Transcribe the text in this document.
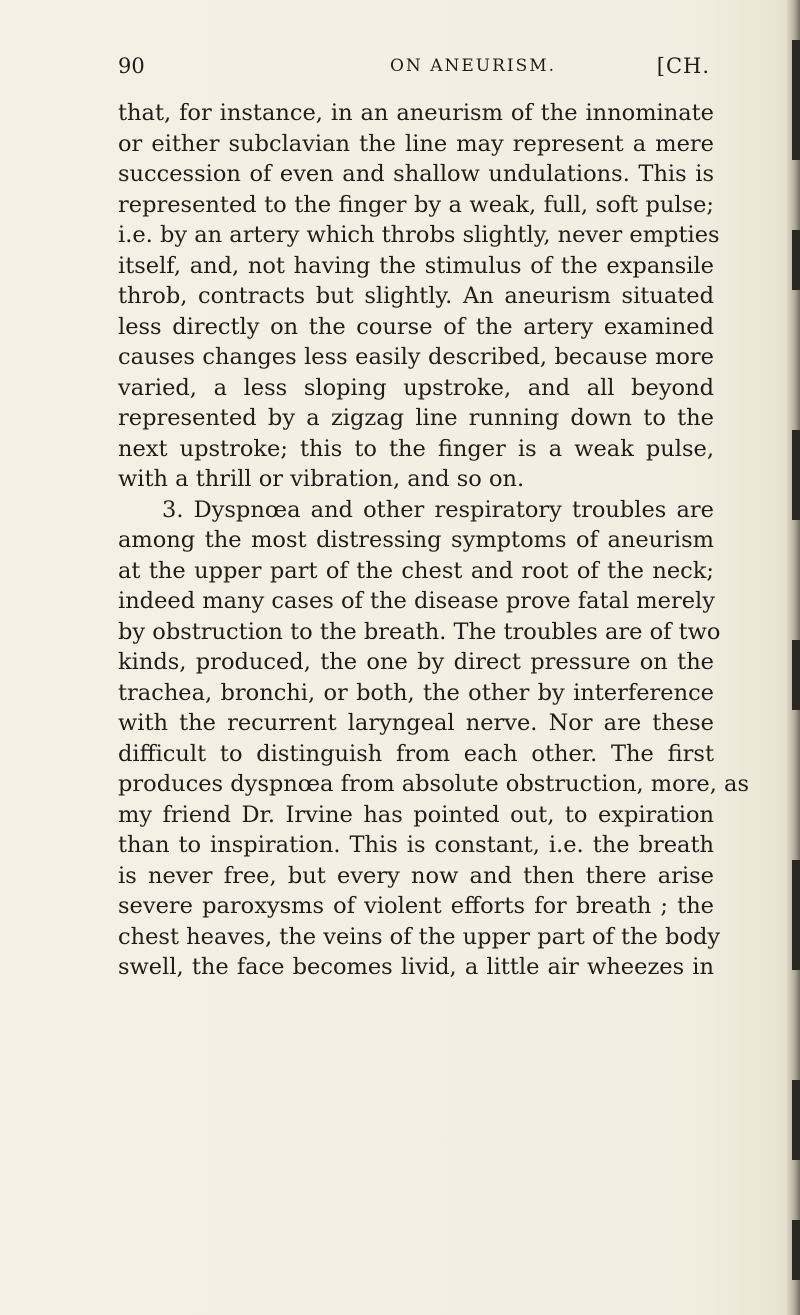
90	ON ANEURISM.	[CH.
that, for instance, in an aneurism of the innominate
or either subclavian the line may represent a mere
succession of even and shallow undulations. This is
represented to the finger by a weak, full, soft pulse;
i.e. by an artery which throbs slightly, never empties
itself, and, not having the stimulus of the expansile
throb, contracts but slightly. An aneurism situated
less directly on the course of the artery examined
causes changes less easily described, because more
varied, a less sloping upstroke, and all beyond
represented by a zigzag line running down to the
next upstroke; this to the finger is a weak pulse,
with a thrill or vibration, and so on.
3. Dyspnœa and other respiratory troubles are
among the most distressing symptoms of aneurism
at the upper part of the chest and root of the neck;
indeed many cases of the disease prove fatal merely
by obstruction to the breath. The troubles are of two
kinds, produced, the one by direct pressure on the
trachea, bronchi, or both, the other by interference
with the recurrent laryngeal nerve. Nor are these
difficult to distinguish from each other. The first
produces dyspnœa from absolute obstruction, more, as
my friend Dr. Irvine has pointed out, to expiration
than to inspiration. This is constant, i.e. the breath
is never free, but every now and then there arise
severe paroxysms of violent efforts for breath ; the
chest heaves, the veins of the upper part of the body
swell, the face becomes livid, a little air wheezes in
